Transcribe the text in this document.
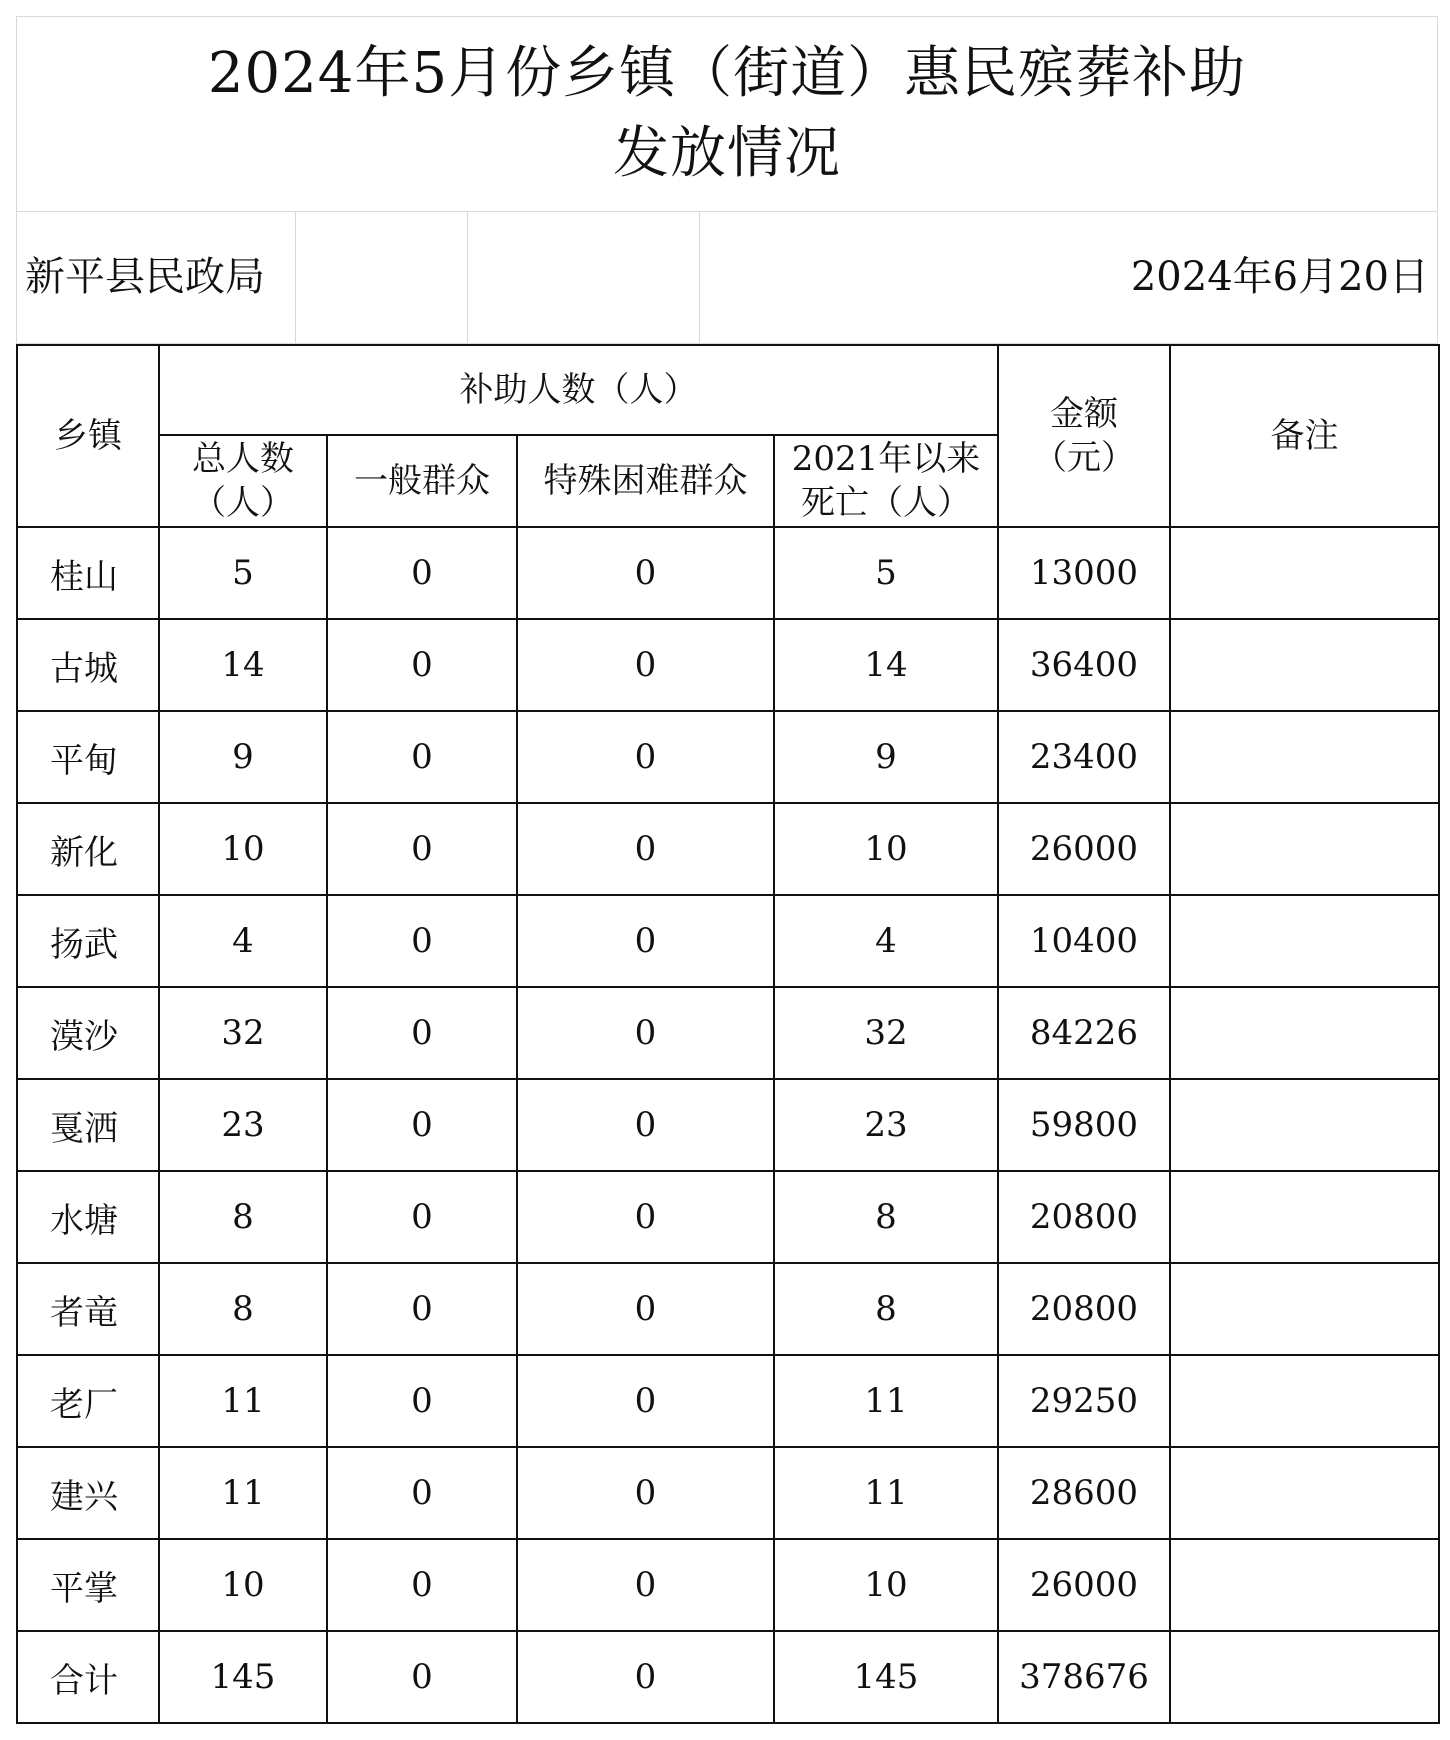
2024年5月份乡镇（街道）惠民殡葬补助
发放情况
新平县民政局	2024年6月20日
乡镇	补助人数（人）				金额（元）	备注

	总人数（人）	一般群众	特殊困难群众	2021年以来死亡（人）		

桂山	5	0	0	5	13000	
古城	14	0	0	14	36400	
平甸	9	0	0	9	23400	
新化	10	0	0	10	26000	
扬武	4	0	0	4	10400	
漠沙	32	0	0	32	84226	
戛洒	23	0	0	23	59800	
水塘	8	0	0	8	20800	
者竜	8	0	0	8	20800	
老厂	11	0	0	11	29250	
建兴	11	0	0	11	28600	
平掌	10	0	0	10	26000	
合计	145	0	0	145	378676	
